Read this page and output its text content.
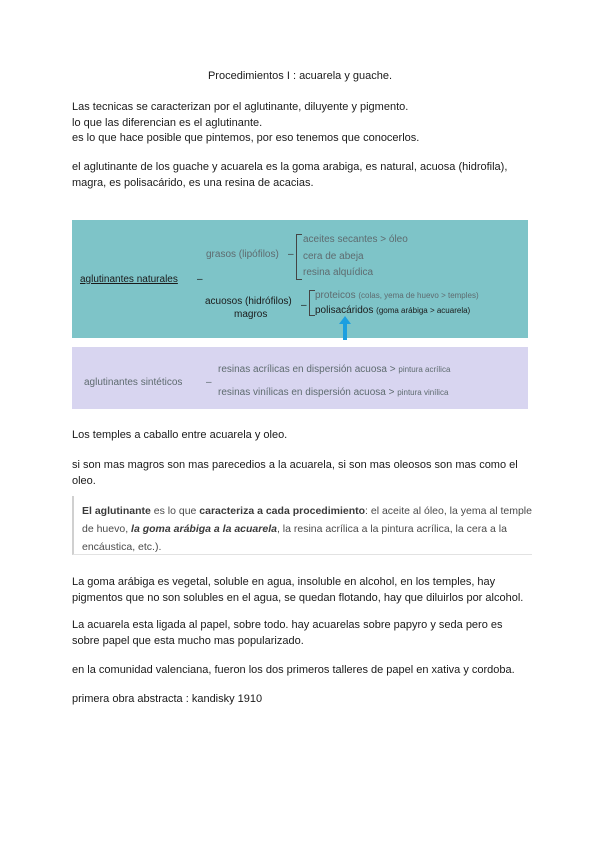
Procedimientos I : acuarela y guache.

Las tecnicas se caracterizan por el aglutinante, diluyente y pigmento.
lo que las diferencian es el aglutinante.
es lo que hace posible que pintemos, por eso tenemos que conocerlos.

el aglutinante de los guache y acuarela es la goma arabiga, es natural, acuosa (hidrofila),
magra, es polisacárido, es una resina de acacias.

aglutinantes naturales –
grasos (lipófilos) –
aceites secantes > óleo
cera de abeja
resina alquídica
acuosos (hidrófilos)
magros
–
proteicos (colas, yema de huevo > temples)
polisacáridos (goma arábiga > acuarela)
aglutinantes sintéticos –
resinas acrílicas en dispersión acuosa > pintura acrílica
resinas vinílicas en dispersión acuosa > pintura vinílica

Los temples a caballo entre acuarela y oleo.

si son mas magros son mas parecedios a la acuarela, si son mas oleosos son mas como el
oleo.

El aglutinante es lo que caracteriza a cada procedimiento: el aceite al óleo, la yema al temple de huevo, la goma arábiga a la acuarela, la resina acrílica a la pintura acrílica, la cera a la encáustica, etc.).

La goma arábiga es vegetal, soluble en agua, insoluble en alcohol, en los temples, hay
pigmentos que no son solubles en el agua, se quedan flotando, hay que diluirlos por alcohol.

La acuarela esta ligada al papel, sobre todo. hay acuarelas sobre papyro y seda pero es
sobre papel que esta mucho mas popularizado.

en la comunidad valenciana, fueron los dos primeros talleres de papel en xativa y cordoba.

primera obra abstracta : kandisky 1910
